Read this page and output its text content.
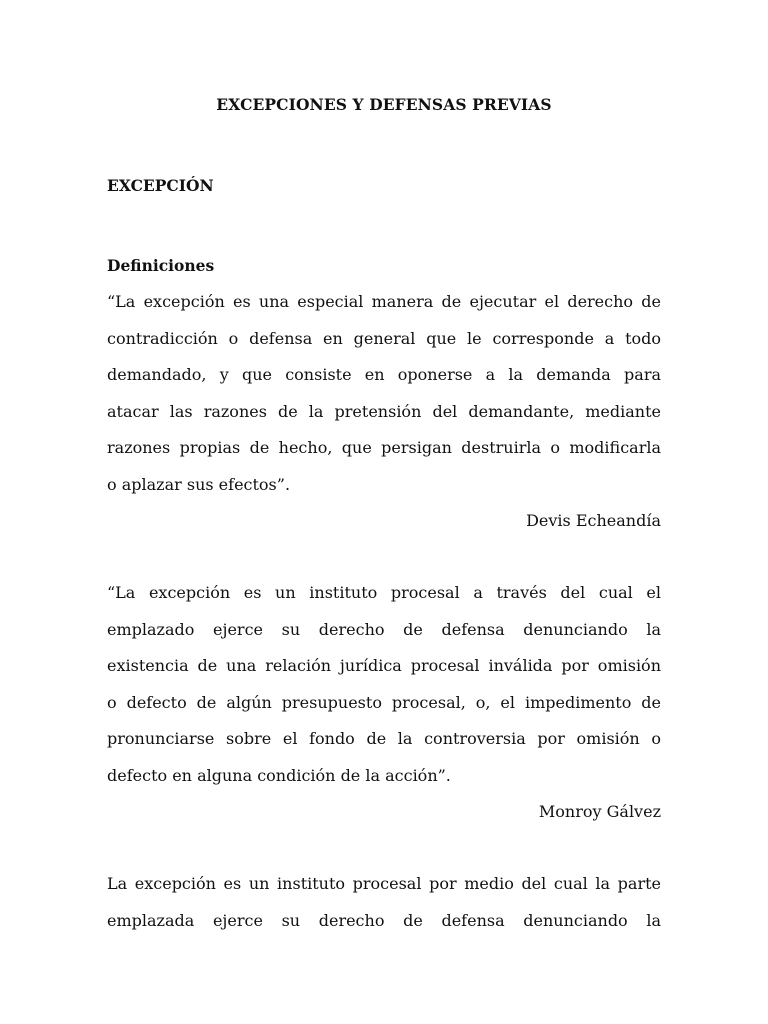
EXCEPCIONES Y DEFENSAS PREVIAS
EXCEPCIÓN
Definiciones
“La excepción es una especial manera de ejecutar el derecho de
contradicción o defensa en general que le corresponde a todo
demandado, y que consiste en oponerse a la demanda para
atacar las razones de la pretensión del demandante, mediante
razones propias de hecho, que persigan destruirla o modificarla
o aplazar sus efectos”.
Devis Echeandía
“La excepción es un instituto procesal a través del cual el
emplazado ejerce su derecho de defensa denunciando la
existencia de una relación jurídica procesal inválida por omisión
o defecto de algún presupuesto procesal, o, el impedimento de
pronunciarse sobre el fondo de la controversia por omisión o
defecto en alguna condición de la acción”.
Monroy Gálvez
La excepción es un instituto procesal por medio del cual la parte
emplazada ejerce su derecho de defensa denunciando la
